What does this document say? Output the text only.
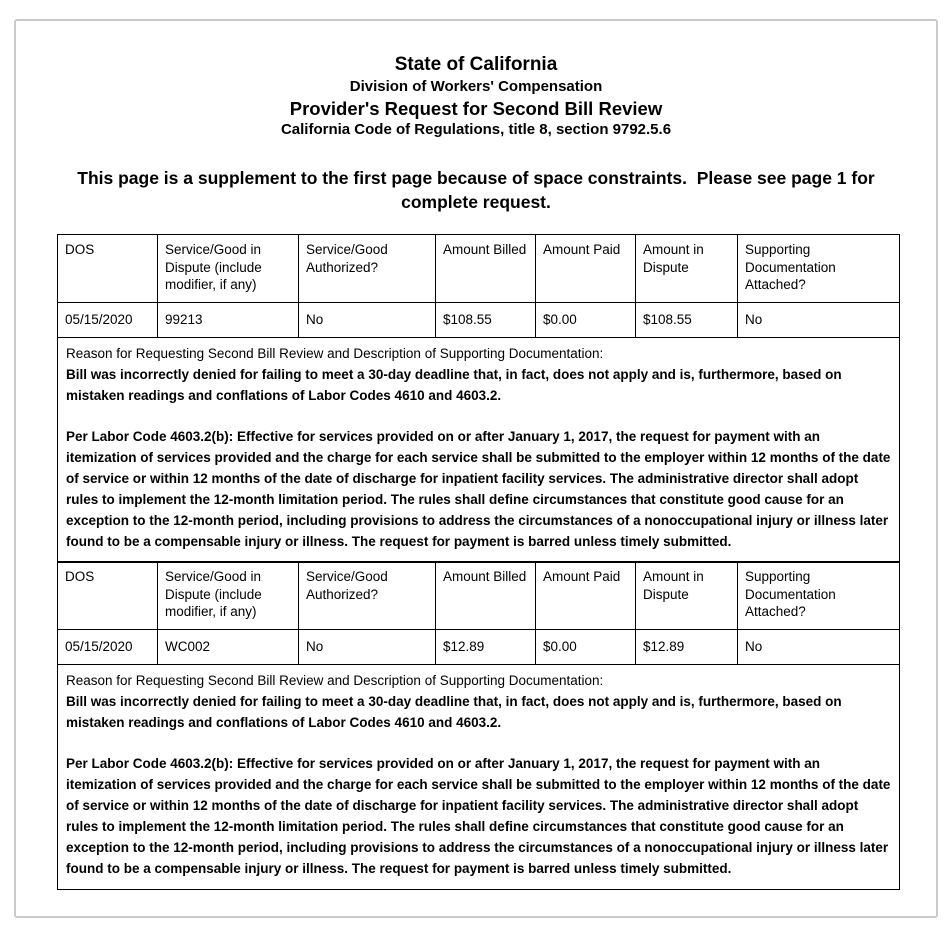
State of California
Division of Workers' Compensation
Provider's Request for Second Bill Review
California Code of Regulations, title 8, section 9792.5.6
This page is a supplement to the first page because of space constraints.  Please see page 1 for complete request.
DOS	Service/Good in Dispute (include modifier, if any)	Service/Good Authorized?	Amount Billed	Amount Paid	Amount in Dispute	Supporting Documentation Attached?
05/15/2020	99213	No	$108.55	$0.00	$108.55	No

Reason for Requesting Second Bill Review and Description of Supporting Documentation:

Bill was incorrectly denied for failing to meet a 30-day deadline that, in fact, does not apply and is, furthermore, based on mistaken readings and conflations of Labor Codes 4610 and 4603.2.

Per Labor Code 4603.2(b): Effective for services provided on or after January 1, 2017, the request for payment with an itemization of services provided and the charge for each service shall be submitted to the employer within 12 months of the date of service or within 12 months of the date of discharge for inpatient facility services. The administrative director shall adopt rules to implement the 12-month limitation period. The rules shall define circumstances that constitute good cause for an exception to the 12-month period, including provisions to address the circumstances of a nonoccupational injury or illness later found to be a compensable injury or illness. The request for payment is barred unless timely submitted.						

DOS	Service/Good in Dispute (include modifier, if any)	Service/Good Authorized?	Amount Billed	Amount Paid	Amount in Dispute	Supporting Documentation Attached?
05/15/2020	WC002	No	$12.89	$0.00	$12.89	No

Reason for Requesting Second Bill Review and Description of Supporting Documentation:

Bill was incorrectly denied for failing to meet a 30-day deadline that, in fact, does not apply and is, furthermore, based on mistaken readings and conflations of Labor Codes 4610 and 4603.2.

Per Labor Code 4603.2(b): Effective for services provided on or after January 1, 2017, the request for payment with an itemization of services provided and the charge for each service shall be submitted to the employer within 12 months of the date of service or within 12 months of the date of discharge for inpatient facility services. The administrative director shall adopt rules to implement the 12-month limitation period. The rules shall define circumstances that constitute good cause for an exception to the 12-month period, including provisions to address the circumstances of a nonoccupational injury or illness later found to be a compensable injury or illness. The request for payment is barred unless timely submitted.						
